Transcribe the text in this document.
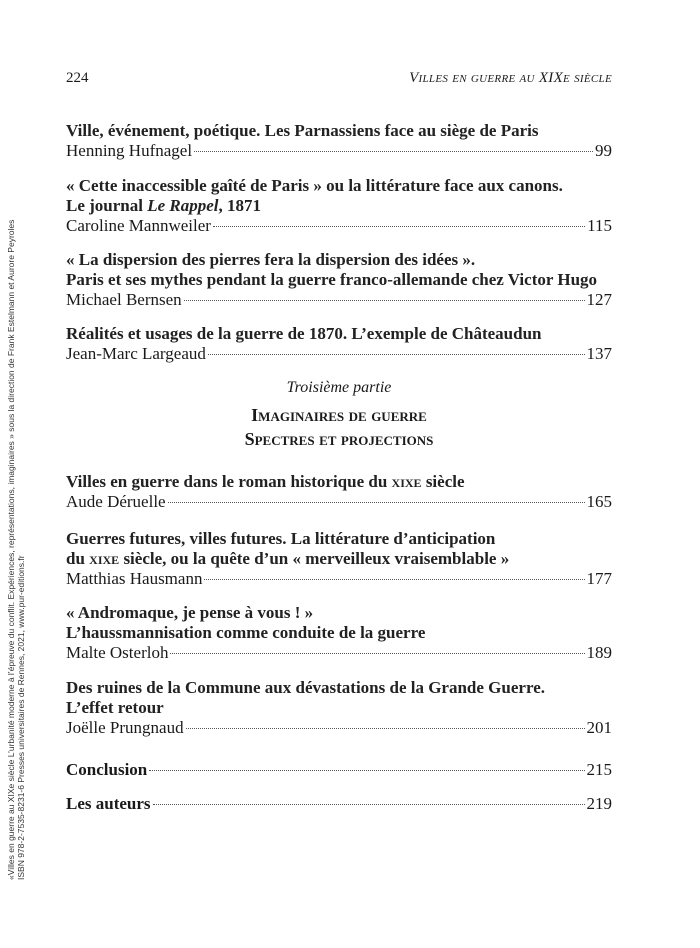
224	Villes en guerre au XIXe siècle
Ville, événement, poétique. Les Parnassiens face au siège de Paris
Henning Hufnagel	99
« Cette inaccessible gaîté de Paris » ou la littérature face aux canons.
Le journal Le Rappel, 1871
Caroline Mannweiler	115
« La dispersion des pierres fera la dispersion des idées ».
Paris et ses mythes pendant la guerre franco-allemande chez Victor Hugo
Michael Bernsen	127
Réalités et usages de la guerre de 1870. L’exemple de Châteaudun
Jean-Marc Largeaud	137
Troisième partie
Imaginaires de guerre
Spectres et projections
Villes en guerre dans le roman historique du xixe siècle
Aude Déruelle	165
Guerres futures, villes futures. La littérature d’anticipation
du xixe siècle, ou la quête d’un « merveilleux vraisemblable »
Matthias Hausmann	177
« Andromaque, je pense à vous ! »
L’haussmannisation comme conduite de la guerre
Malte Osterloh	189
Des ruines de la Commune aux dévastations de la Grande Guerre.
L’effet retour
Joëlle Prungnaud	201
Conclusion	215
Les auteurs	219
«Villes en guerre au XIXe siècle L’urbanité moderne à l’épreuve du conflit. Expériences, représentations, imaginaires » sous la direction de Frank Estelmann et Aurore Peyroles ISBN 978-2-7535-8231-6 Presses universitaires de Rennes, 2021, www.pur-editions.fr
